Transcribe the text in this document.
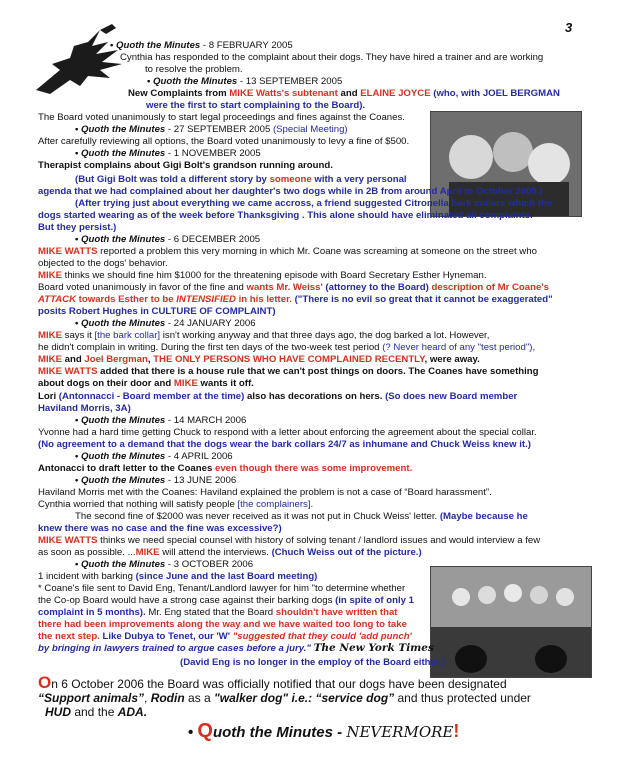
3
• Quoth the Minutes - 8 FEBRUARY 2005
Cynthia has responded to the complaint about their dogs. They have hired a trainer and are working
to resolve the problem.
• Quoth the Minutes - 13 SEPTEMBER 2005
New Complaints from MIKE Watts's subtenant and ELAINE JOYCE (who, with JOEL BERGMAN
were the first to start complaining to the Board).
The Board voted unanimously to start legal proceedings and fines against the Coanes.
• Quoth the Minutes - 27 SEPTEMBER 2005 (Special Meeting)
After carefully reviewing all options, the Board voted unanimously to levy a fine of $500.
• Quoth the Minutes - 1 NOVEMBER 2005
Therapist complains about Gigi Bolt's grandson running around.
(But Gigi Bolt was told a different story by someone with a very personal
agenda that we had complained about her daughter's two dogs while in 2B from around April to October 2005.)
(After trying just about everything we came accross, a friend suggested Citronella bark collars which the
dogs started wearing as of the week before Thanksgiving . This alone should have eliminated all complaints.
But they persist.)
• Quoth the Minutes - 6 DECEMBER 2005
MIKE WATTS reported a problem this very morning in which Mr. Coane was screaming at someone on the street who
objected to the dogs' behavior.
MIKE thinks we should fine him $1000 for the threatening episode with Board Secretary Esther Hyneman.
Board voted unanimously in favor of the fine and wants Mr. Weiss' (attorney to the Board) description of Mr Coane's
ATTACK towards Esther to be INTENSIFIED in his letter. ("There is no evil so great that it cannot be exaggerated"
posits Robert Hughes in CULTURE OF COMPLAINT)
• Quoth the Minutes - 24 JANUARY 2006
MIKE says it [the bark collar] isn't working anyway and that three days ago, the dog barked a lot. However,
he didn't complain in writing. During the first ten days of the two-week test period (? Never heard of any "test period"),
MIKE and Joel Bergman, THE ONLY PERSONS WHO HAVE COMPLAINED RECENTLY, were away.
MIKE WATTS added that there is a house rule that we can't post things on doors. The Coanes have something
about dogs on their door and MIKE wants it off.
Lori (Antonnacci - Board member at the time) also has decorations on hers. (So does new Board member
Haviland Morris, 3A)
• Quoth the Minutes - 14 MARCH 2006
Yvonne had a hard time getting Chuck to respond with a letter about enforcing the agreement about the special collar.
(No agreement to a demand that the dogs wear the bark collars 24/7 as inhumane and Chuck Weiss knew it.)
• Quoth the Minutes - 4 APRIL 2006
Antonacci to draft letter to the Coanes even though there was some improvement.
• Quoth the Minutes - 13 JUNE 2006
Haviland Morris met with the Coanes: Haviland explained the problem is not a case of “Board harassment”.
Cynthia worried that nothing will satisfy people [the complainers].
The second fine of $2000 was never received as it was not put in Chuck Weiss' letter. (Maybe because he
knew there was no case and the fine was excessive?)
MIKE WATTS thinks we need special counsel with history of solving tenant / landlord issues and would interview a few
as soon as possible. ...MIKE will attend the interviews. (Chuch Weiss out of the picture.)
• Quoth the Minutes - 3 OCTOBER 2006
1 incident with barking (since June and the last Board meeting)
* Coane's file sent to David Eng, Tenant/Landlord lawyer for him "to determine whether
the Co-op Board would have a strong case against their barking dogs (in spite of only 1
complaint in 5 months). Mr. Eng stated that the Board shouldn't have written that
there had been improvements along the way and we have waited too long to take
the next step. Like Dubya to Tenet, our 'W' "suggested that they could 'add punch'
by bringing in lawyers trained to argue cases before a jury." The New York Times
(David Eng is no longer in the employ of the Board either.)
On 6 October 2006 the Board was officially notified that our dogs have been designated
“Support animals”, Rodin as a "walker dog" i.e.: “service dog” and thus protected under
HUD and the ADA.
• Quoth the Minutes - NEVERMORE!
